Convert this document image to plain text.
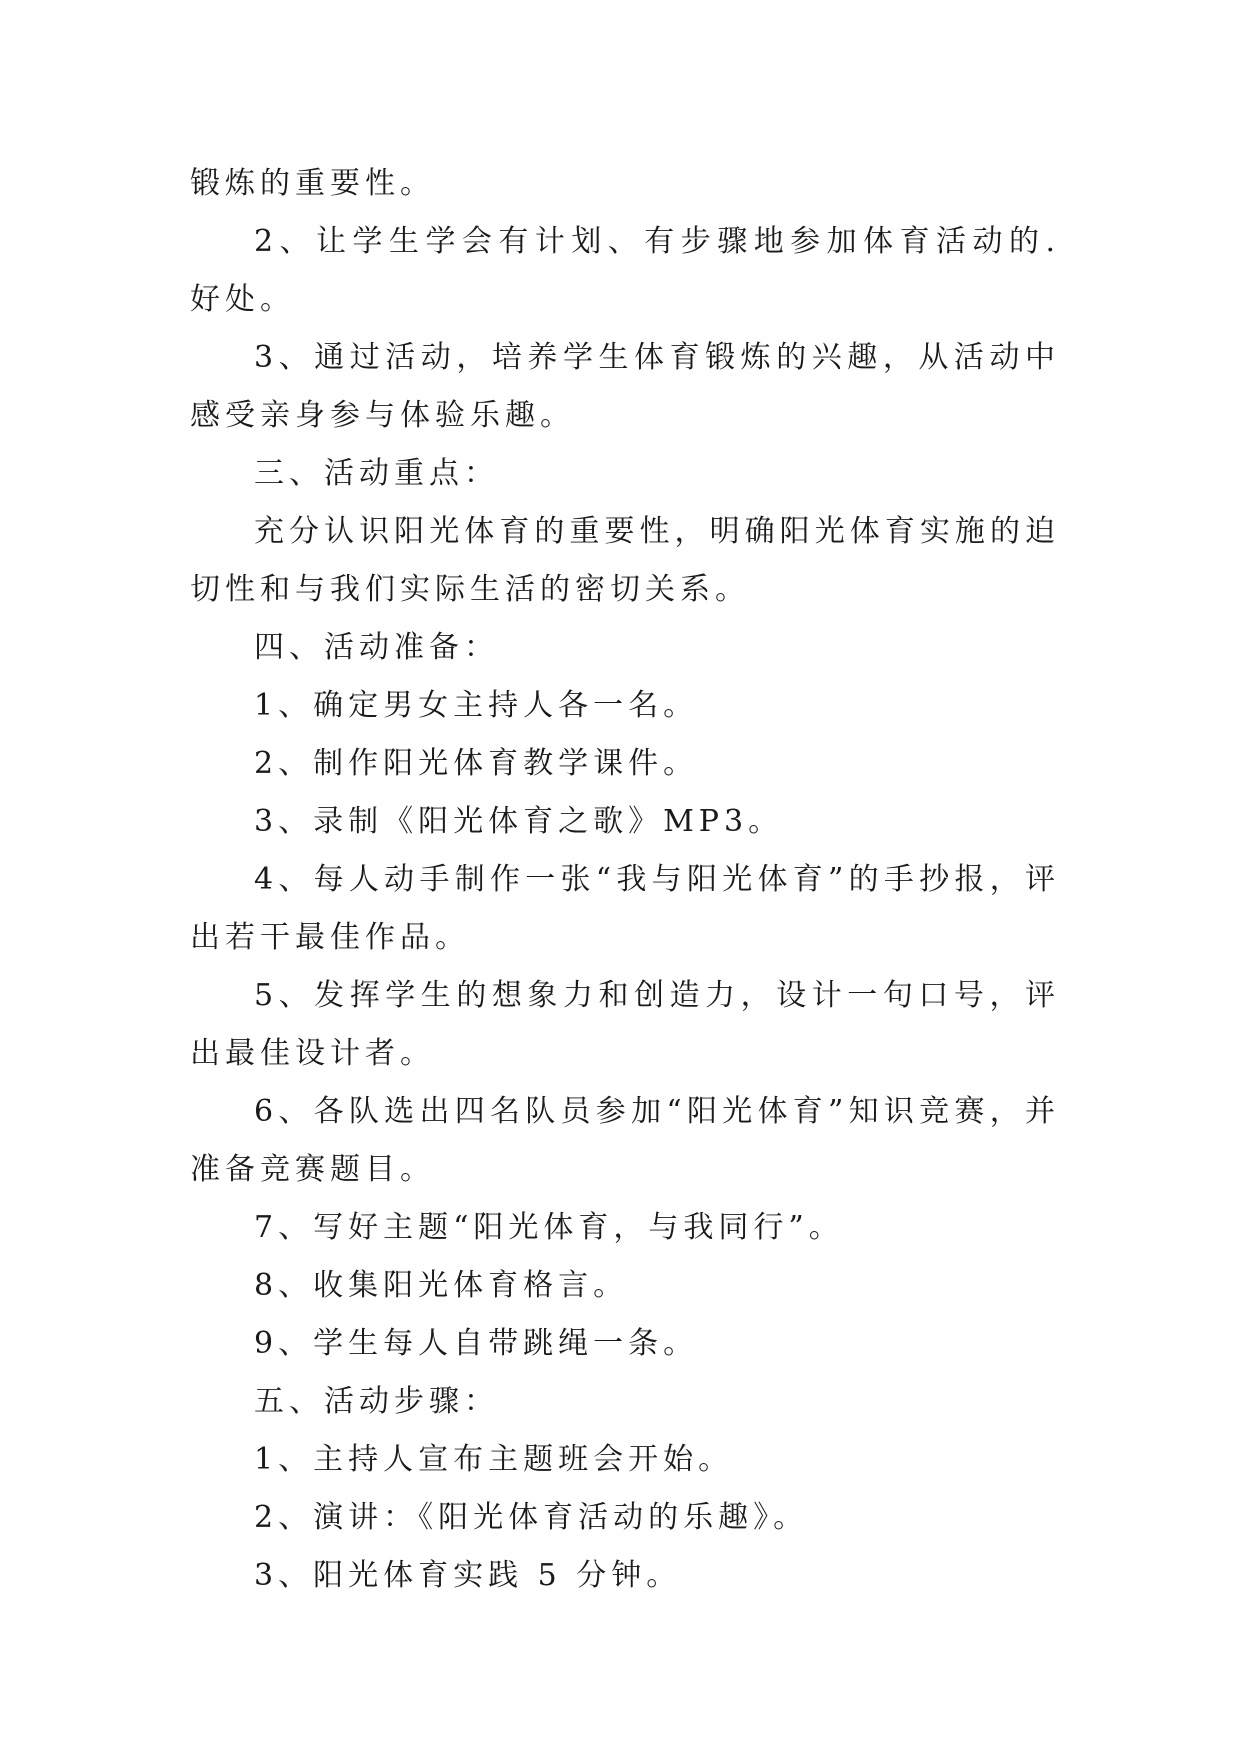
锻炼的重要性。

2、让学生学会有计划、有步骤地参加体育活动的.好处。

3、通过活动，培养学生体育锻炼的兴趣，从活动中感受亲身参与体验乐趣。

三、活动重点：

充分认识阳光体育的重要性，明确阳光体育实施的迫切性和与我们实际生活的密切关系。

四、活动准备：

1、确定男女主持人各一名。

2、制作阳光体育教学课件。

3、录制《阳光体育之歌》MP3。

4、每人动手制作一张“我与阳光体育”的手抄报，评出若干最佳作品。

5、发挥学生的想象力和创造力，设计一句口号，评出最佳设计者。

6、各队选出四名队员参加“阳光体育”知识竞赛，并准备竞赛题目。

7、写好主题“阳光体育，与我同行”。

8、收集阳光体育格言。

9、学生每人自带跳绳一条。

五、活动步骤：

1、主持人宣布主题班会开始。

2、演讲：《阳光体育活动的乐趣》。

3、阳光体育实践 5 分钟。
